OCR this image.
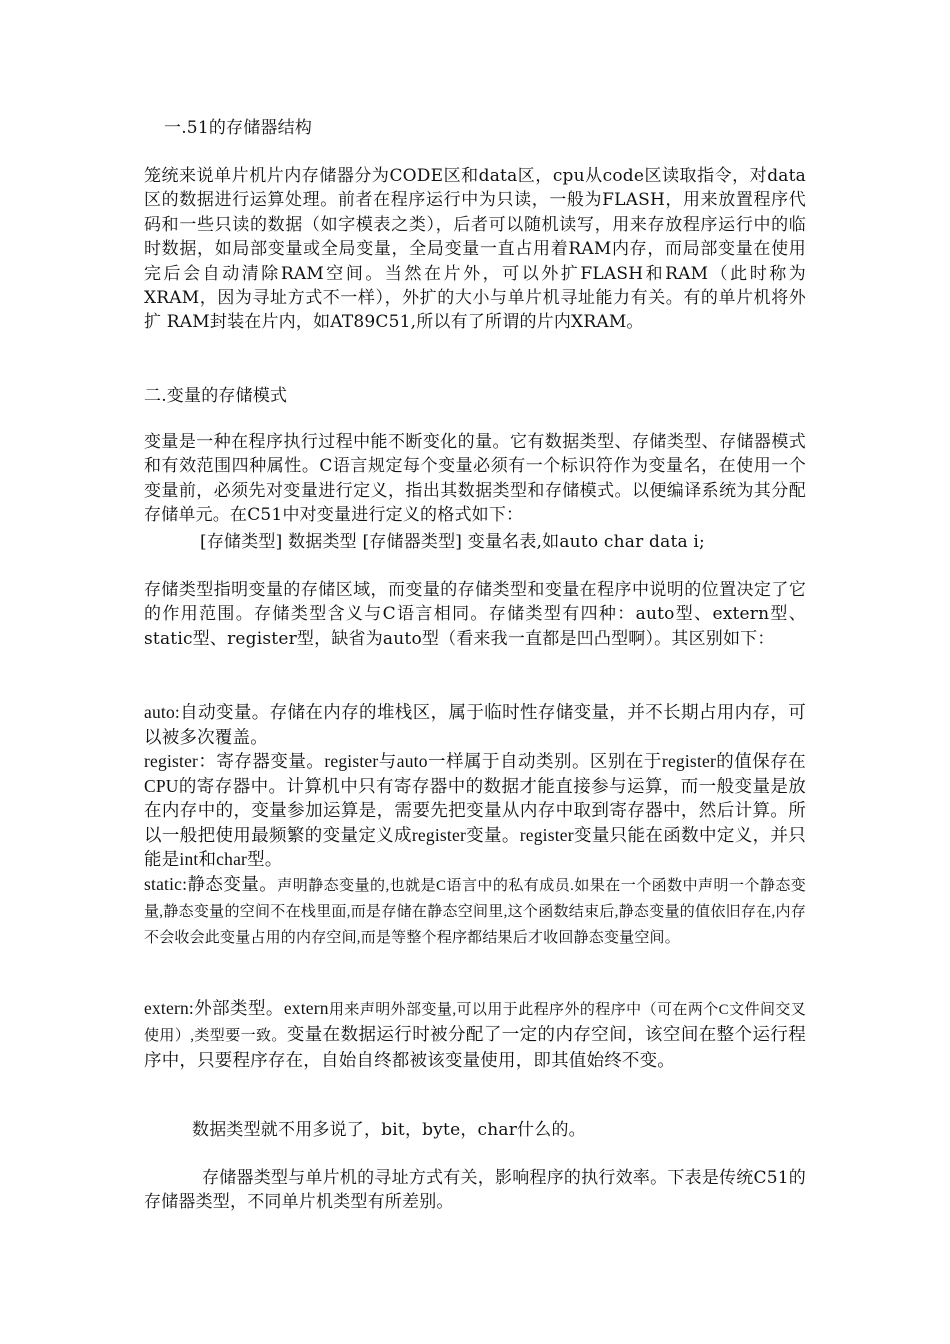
一.51的存储器结构

笼统来说单片机片内存储器分为CODE区和data区，cpu从code区读取指令，对data区的数据进行运算处理。前者在程序运行中为只读，一般为FLASH，用来放置程序代码和一些只读的数据（如字模表之类），后者可以随机读写，用来存放程序运行中的临时数据，如局部变量或全局变量，全局变量一直占用着RAM内存，而局部变量在使用完后会自动清除RAM空间。当然在片外，可以外扩FLASH和RAM（此时称为XRAM，因为寻址方式不一样），外扩的大小与单片机寻址能力有关。有的单片机将外扩 RAM封装在片内，如AT89C51,所以有了所谓的片内XRAM。

二.变量的存储模式

变量是一种在程序执行过程中能不断变化的量。它有数据类型、存储类型、存储器模式和有效范围四种属性。C语言规定每个变量必须有一个标识符作为变量名，在使用一个变量前，必须先对变量进行定义，指出其数据类型和存储模式。以便编译系统为其分配存储单元。在C51中对变量进行定义的格式如下：

[存储类型] 数据类型 [存储器类型] 变量名表,如auto char data i;

存储类型指明变量的存储区域，而变量的存储类型和变量在程序中说明的位置决定了它的作用范围。存储类型含义与C语言相同。存储类型有四种：auto型、extern型、static型、register型，缺省为auto型（看来我一直都是凹凸型啊）。其区别如下：

auto:自动变量。存储在内存的堆栈区，属于临时性存储变量，并不长期占用内存，可以被多次覆盖。

register：寄存器变量。register与auto一样属于自动类别。区别在于register的值保存在CPU的寄存器中。计算机中只有寄存器中的数据才能直接参与运算，而一般变量是放在内存中的，变量参加运算是，需要先把变量从内存中取到寄存器中，然后计算。所以一般把使用最频繁的变量定义成register变量。register变量只能在函数中定义，并只能是int和char型。

static:静态变量。声明静态变量的,也就是C语言中的私有成员.如果在一个函数中声明一个静态变量,静态变量的空间不在栈里面,而是存储在静态空间里,这个函数结束后,静态变量的值依旧存在,内存不会收会此变量占用的内存空间,而是等整个程序都结果后才收回静态变量空间。

extern:外部类型。extern用来声明外部变量,可以用于此程序外的程序中（可在两个C文件间交叉使用）,类型要一致。变量在数据运行时被分配了一定的内存空间，该空间在整个运行程序中，只要程序存在，自始自终都被该变量使用，即其值始终不变。

数据类型就不用多说了，bit，byte，char什么的。

存储器类型与单片机的寻址方式有关，影响程序的执行效率。下表是传统C51的存储器类型，不同单片机类型有所差别。
